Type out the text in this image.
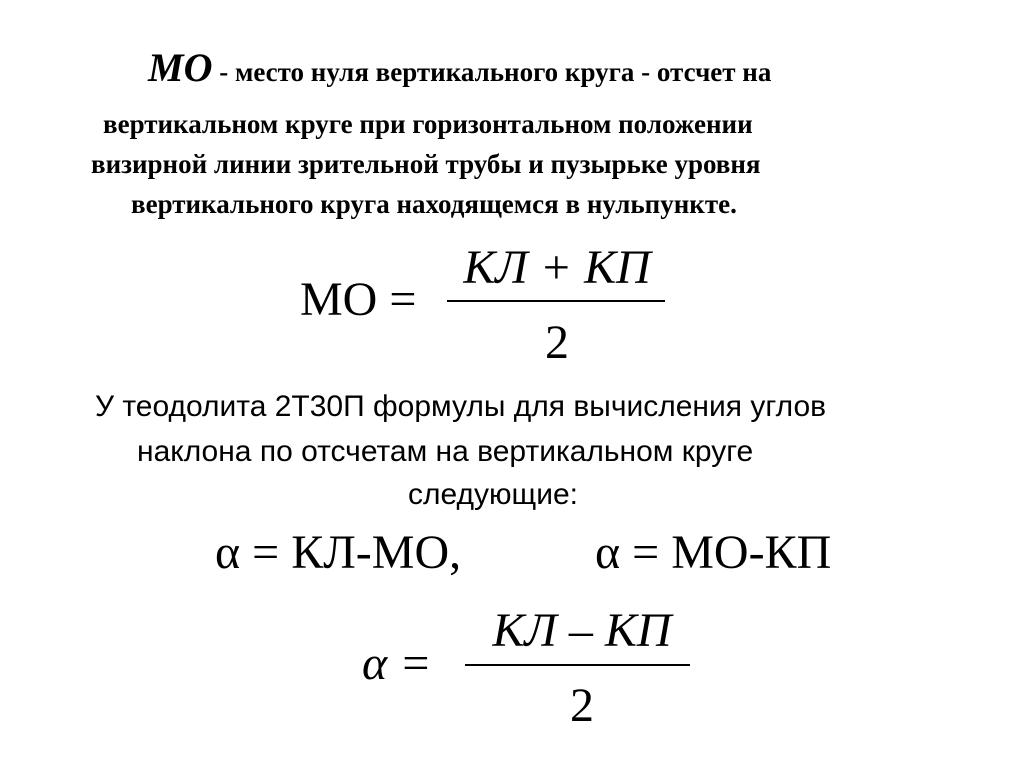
МО - место нуля вертикального круга - отсчет на
вертикальном круге при горизонтальном положении
визирной линии зрительной трубы и пузырьке уровня
вертикального круга находящемся в нульпункте.
МО =
КЛ + КП
2
У теодолита 2Т30П формулы для вычисления углов
наклона по отсчетам на вертикальном круге
следующие:
α = КЛ-МО,	α = МО-КП
α =
КЛ – КП
2
